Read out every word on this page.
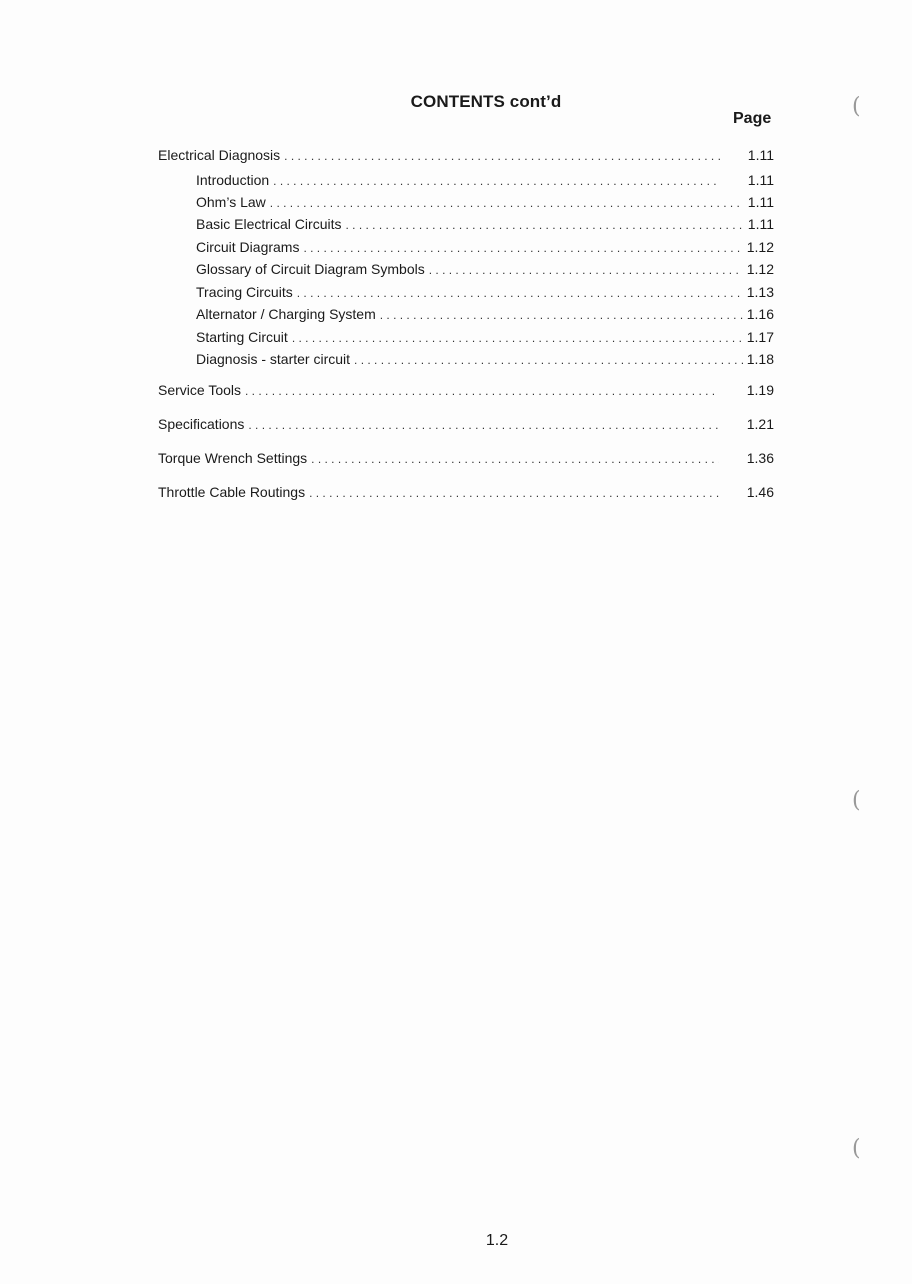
CONTENTS cont’d
Page
Electrical Diagnosis . . .	1.11
Introduction . . .	1.11
Ohm’s Law . . .	1.11
Basic Electrical Circuits . . .	1.11
Circuit Diagrams . . .	1.12
Glossary of Circuit Diagram Symbols . . .	1.12
Tracing Circuits . . .	1.13
Alternator / Charging System . . .	1.16
Starting Circuit . . .	1.17
Diagnosis - starter circuit . . .	1.18
Service Tools . . .	1.19
Specifications . . .	1.21
Torque Wrench Settings . . .	1.36
Throttle Cable Routings . . .	1.46
1.2
(
(
(
